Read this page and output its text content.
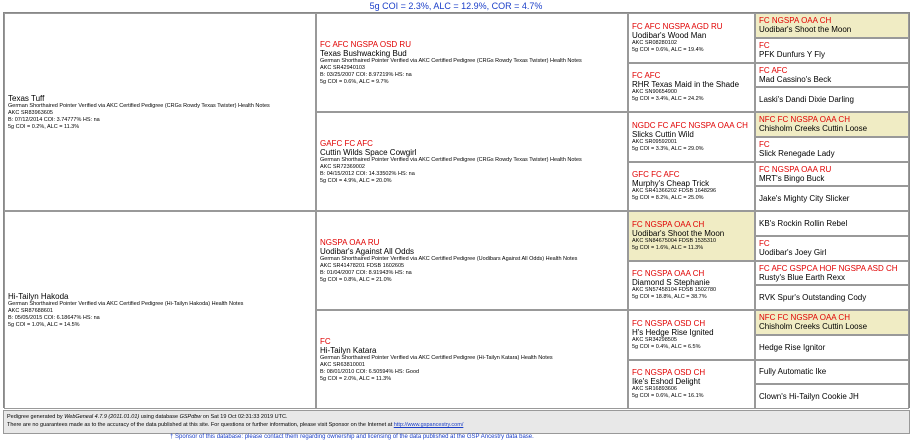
5g COI = 2.3%, ALC = 12.9%, COR = 4.7%
Texas Tuff
German Shorthaired Pointer Verified via AKC Certified Pedigree (CRGs Rowdy Texas Twister) Health Notes
AKC SR83963605
B: 07/12/2014 COI: 3.74777% HS: na
5g COI = 0.2%, ALC = 11.3%
Hi-Tailyn Hakoda
German Shorthaired Pointer Verified via AKC Certified Pedigree (Hi-Tailyn Hakoda) Health Notes
AKC SR87688601
B: 05/05/2015 COI: 6.18647% HS: na
5g COI = 1.0%, ALC = 14.5%
FC AFC NGSPA OSD RU
Texas Bushwacking Bud
German Shorthaired Pointer Verified via AKC Certified Pedigree (CRGs Rowdy Texas Twister) Health Notes
AKC SR42940103
B: 03/25/2007 COI: 8.97219% HS: na
5g COI = 0.6%, ALC = 9.7%
GAFC FC AFC
Cuttin Wilds Space Cowgirl
German Shorthaired Pointer Verified via AKC Certified Pedigree (CRGs Rowdy Texas Twister) Health Notes
AKC SR72369002
B: 04/15/2012 COI: 14.33502% HS: na
5g COI = 4.9%, ALC = 20.0%
NGSPA OAA RU
Uodibar's Against All Odds
German Shorthaired Pointer Verified via AKC Certified Pedigree (Uodibars Against All Odds) Health Notes
AKC SR41478201 FDSB 1602605
B: 01/04/2007 COI: 8.91943% HS: na
5g COI = 0.8%, ALC = 21.0%
FC
Hi-Tailyn Katara
German Shorthaired Pointer Verified via AKC Certified Pedigree (Hi-Tailyn Katara) Health Notes
AKC SR63810001
B: 08/01/2010 COI: 6.50594% HS: Good
5g COI = 2.0%, ALC = 11.3%
FC AFC NGSPA AGD RU
Uodibar's Wood Man
AKC SR08280102
5g COI = 0.6%, ALC = 19.4%
FC AFC
RHR Texas Maid in the Shade
AKC SN90654900
5g COI = 3.4%, ALC = 24.2%
NGDC FC AFC NGSPA OAA CH
Slicks Cuttin Wild
AKC SR09592001
5g COI = 3.3%, ALC = 29.0%
GFC FC AFC
Murphy's Cheap Trick
AKC SR41366202 FDSB 1648296
5g COI = 8.2%, ALC = 25.0%
FC NGSPA OAA CH
Uodibar's Shoot the Moon
AKC SN84675004 FDSB 1535310
5g COI = 1.6%, ALC = 11.3%
FC NGSPA OAA CH
Diamond S Stephanie
AKC SN57458104 FDSB 1502780
5g COI = 18.8%, ALC = 38.7%
FC NGSPA OSD CH
H's Hedge Rise Ignited
AKC SR34298505
5g COI = 0.4%, ALC = 6.5%
FC NGSPA OSD CH
Ike's Eshod Delight
AKC SR16893606
5g COI = 0.6%, ALC = 16.1%
FC NGSPA OAA CH
Uodibar's Shoot the Moon
FC
PFK Dunfurs Y Fly
FC AFC
Mad Cassino's Beck
Laski's Dandi Dixie Darling
NFC FC NGSPA OAA CH
Chisholm Creeks Cuttin Loose
FC
Slick Renegade Lady
FC NGSPA OAA RU
MRT's Bingo Buck
Jake's Mighty City Slicker
KB's Rockin Rollin Rebel
FC
Uodibar's Joey Girl
FC AFC GSPCA HOF NGSPA ASD CH
Rusty's Blue Earth Rexx
RVK Spur's Outstanding Cody
NFC FC NGSPA OAA CH
Chisholm Creeks Cuttin Loose
Hedge Rise Ignitor
Fully Automatic Ike
Clown's Hi-Tailyn Cookie JH
Pedigree generated by WebGeneal 4.7.9 (2011.01.01) using database GSPdbw on Sat 19 Oct 02:31:33 2019 UTC.
There are no guarantees made as to the accuracy of the data published at this site. For questions or further information, please visit Sponsor on the Internet at http://www.gspancestry.com/
† Sponsor of this database: please contact them regarding ownership and licensing of the data published at the GSP Ancestry data base.
